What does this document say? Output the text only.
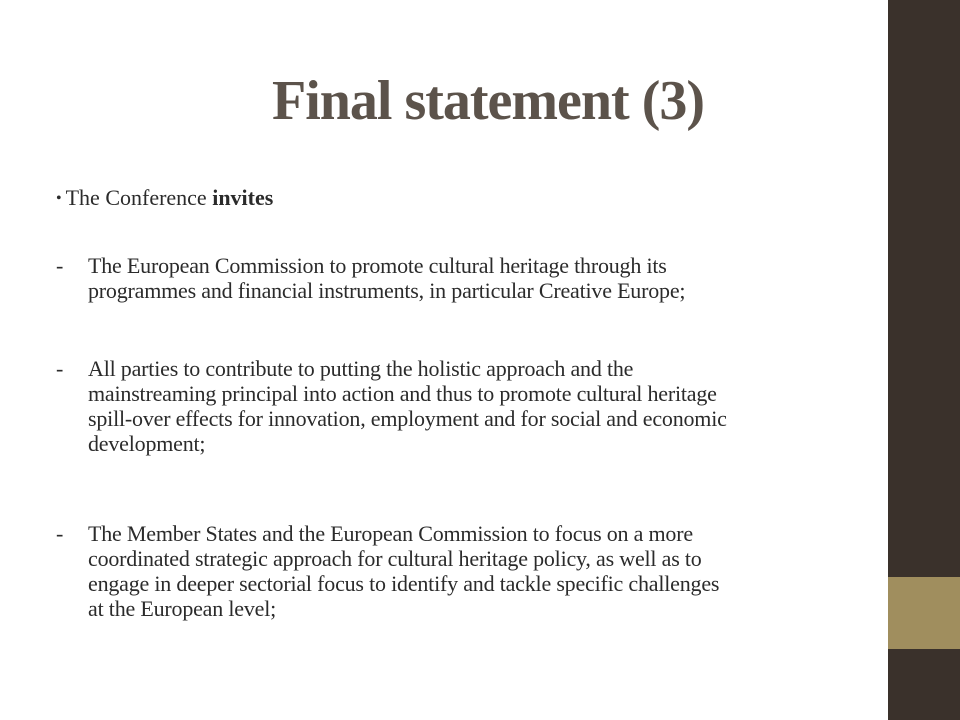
Final statement (3)
• The Conference invites
-	The European Commission to promote cultural heritage through its
programmes and financial instruments, in particular Creative Europe;
-	All parties to contribute to putting the holistic approach and the
mainstreaming principal into action and thus to promote cultural heritage
spill-over effects for innovation, employment and for social and economic
development;
-	The Member States and the European Commission to focus on a more
coordinated strategic approach for cultural heritage policy, as well as to
engage in deeper sectorial focus to identify and tackle specific challenges
at the European level;
